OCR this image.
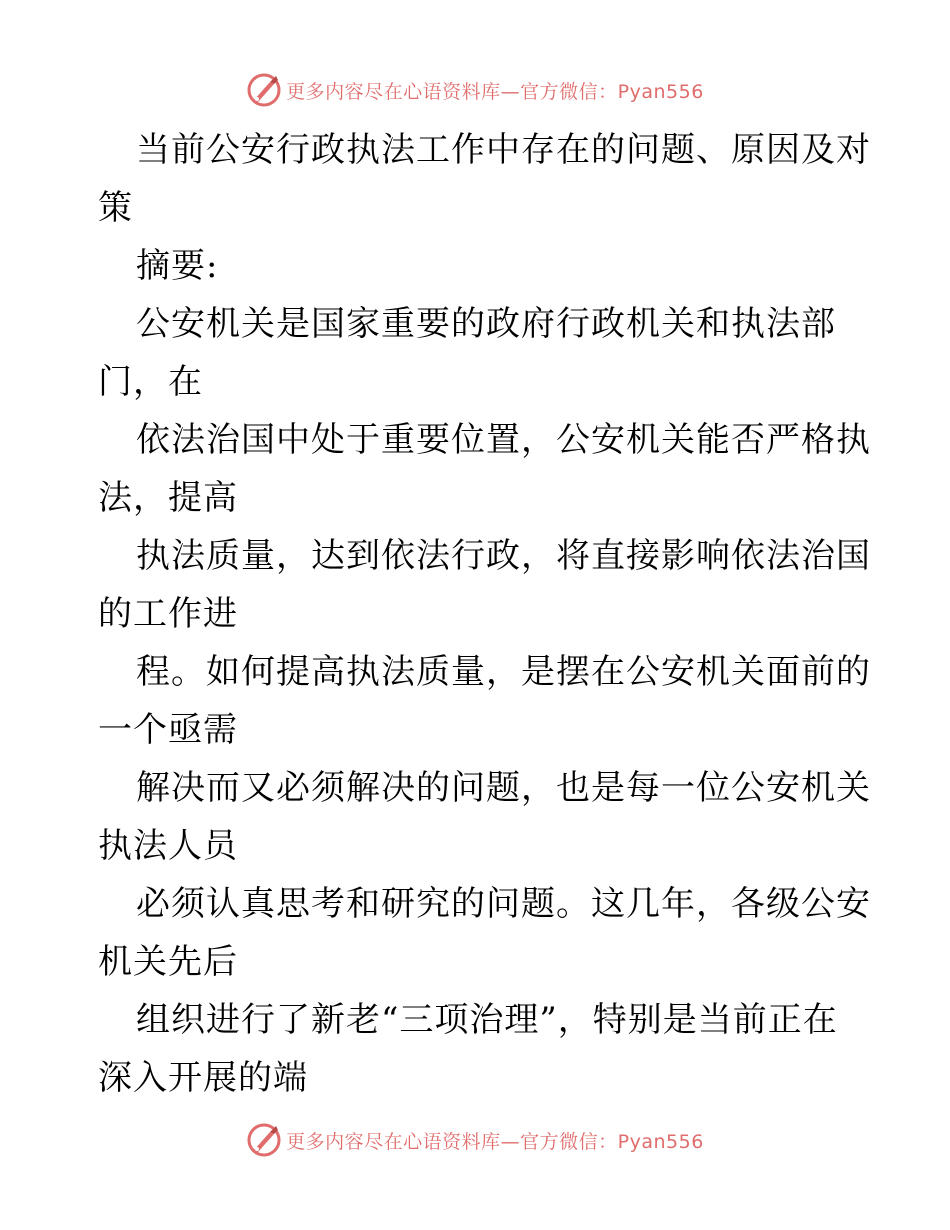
更多内容尽在心语资料库—官方微信：Pyan556
当前公安行政执法工作中存在的问题、原因及对
策
摘要:
公安机关是国家重要的政府行政机关和执法部
门，在
依法治国中处于重要位置，公安机关能否严格执
法，提高
执法质量，达到依法行政，将直接影响依法治国
的工作进
程。如何提高执法质量，是摆在公安机关面前的
一个亟需
解决而又必须解决的问题，也是每一位公安机关
执法人员
必须认真思考和研究的问题。这几年，各级公安
机关先后
组织进行了新老“三项治理”，特别是当前正在
深入开展的端
更多内容尽在心语资料库—官方微信：Pyan556
